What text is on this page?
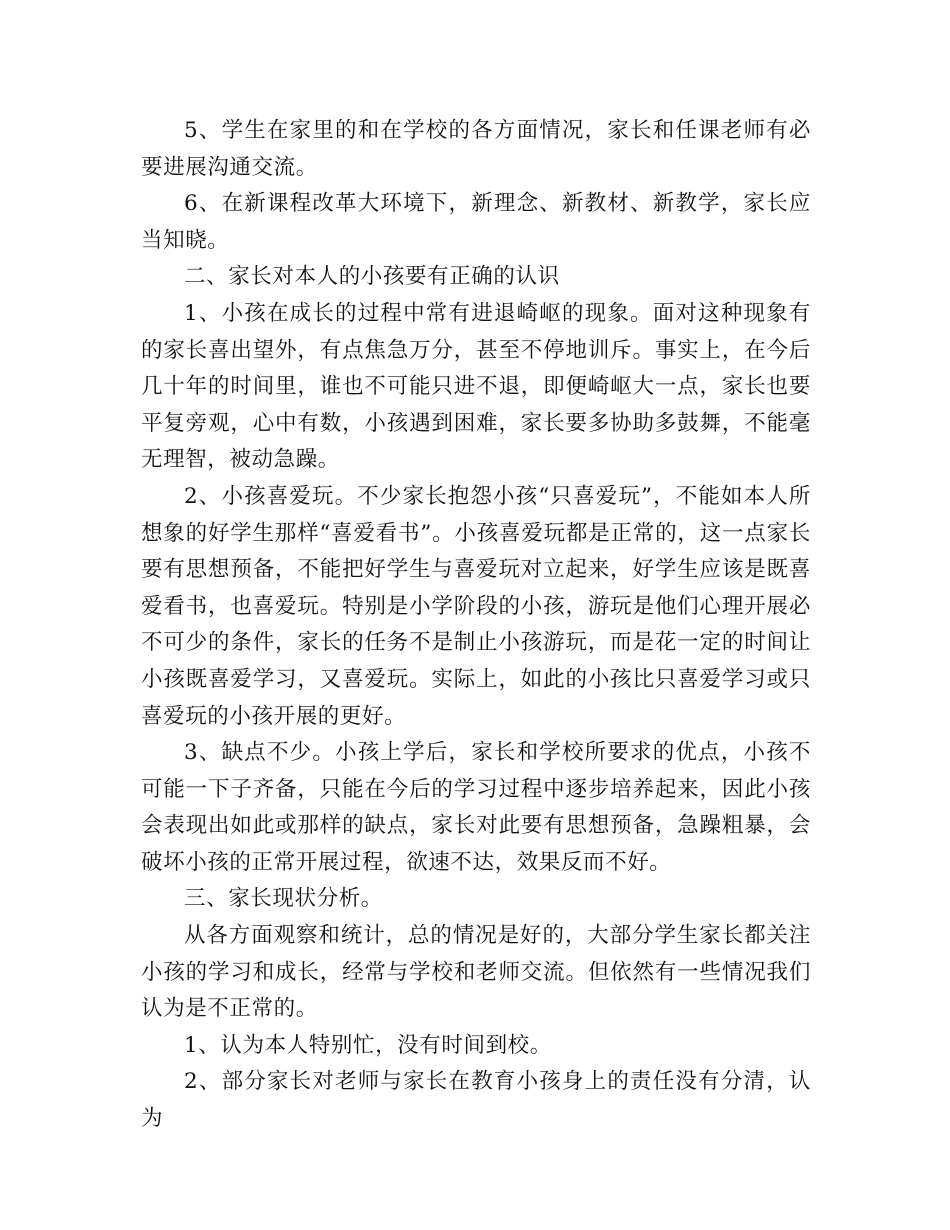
5、学生在家里的和在学校的各方面情况，家长和任课老师有必要进展沟通交流。

6、在新课程改革大环境下，新理念、新教材、新教学，家长应当知晓。

二、家长对本人的小孩要有正确的认识

1、小孩在成长的过程中常有进退崎岖的现象。面对这种现象有的家长喜出望外，有点焦急万分，甚至不停地训斥。事实上，在今后几十年的时间里，谁也不可能只进不退，即便崎岖大一点，家长也要平复旁观，心中有数，小孩遇到困难，家长要多协助多鼓舞，不能毫无理智，被动急躁。

2、小孩喜爱玩。不少家长抱怨小孩“只喜爱玩”，不能如本人所想象的好学生那样“喜爱看书”。小孩喜爱玩都是正常的，这一点家长要有思想预备，不能把好学生与喜爱玩对立起来，好学生应该是既喜爱看书，也喜爱玩。特别是小学阶段的小孩，游玩是他们心理开展必不可少的条件，家长的任务不是制止小孩游玩，而是花一定的时间让小孩既喜爱学习，又喜爱玩。实际上，如此的小孩比只喜爱学习或只喜爱玩的小孩开展的更好。

3、缺点不少。小孩上学后，家长和学校所要求的优点，小孩不可能一下子齐备，只能在今后的学习过程中逐步培养起来，因此小孩会表现出如此或那样的缺点，家长对此要有思想预备，急躁粗暴，会破坏小孩的正常开展过程，欲速不达，效果反而不好。

三、家长现状分析。

从各方面观察和统计，总的情况是好的，大部分学生家长都关注小孩的学习和成长，经常与学校和老师交流。但依然有一些情况我们认为是不正常的。

1、认为本人特别忙，没有时间到校。

2、部分家长对老师与家长在教育小孩身上的责任没有分清，认为
